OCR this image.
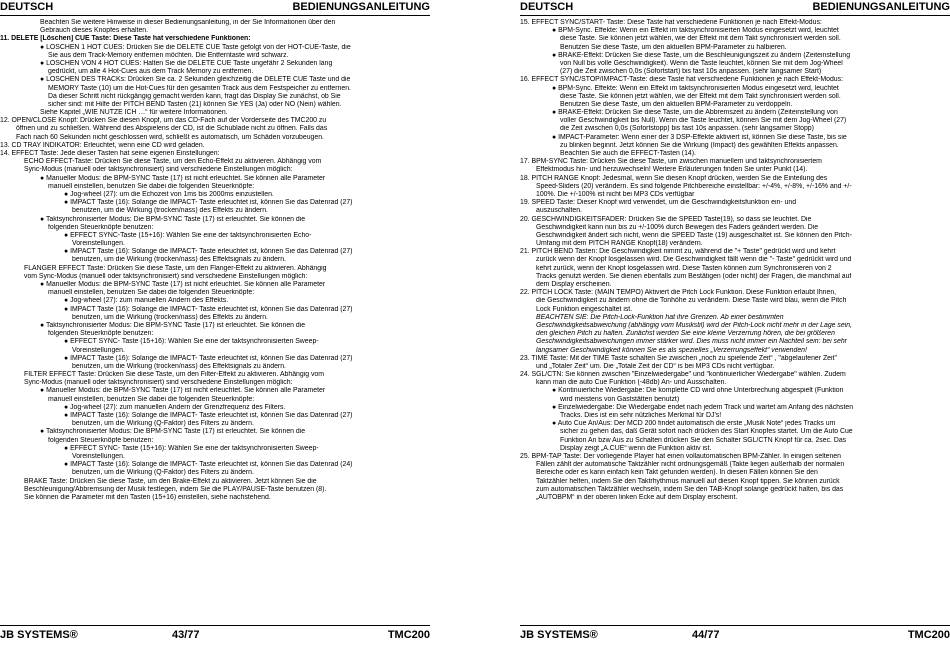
DEUTSCH	BEDIENUNGSANLEITUNG
Beachten Sie weitere Hinweise in dieser Bedienungsanleitung, in der Sie Informationen über den
Gebrauch dieses Knopfes erhalten.
11. DELETE [Löschen] CUE Taste: Diese Taste hat verschiedene Funktionen:
● LÖSCHEN 1 HOT CUES: Drücken Sie die DELETE CUE Taste gefolgt von der HOT-CUE-Taste, die
Sie aus dem Track-Memory entfernen möchten. Die Entferntaste wird schwarz.
● LÖSCHEN VON 4 HOT CUES: Halten Sie die DELETE CUE Taste ungefähr 2 Sekunden lang
gedrückt, um alle 4 Hot-Cues aus dem Track Memory zu entfernen.
● LÖSCHEN DES TRACKs: Drücken Sie ca. 2 Sekunden gleichzeitig die DELETE CUE Taste und die
MEMORY Taste (10) um die Hot-Cues für den gesamten Track aus dem Festspeicher zu entfernen.
Da dieser Schritt nicht rückgängig gemacht werden kann, fragt das Display Sie zunächst, ob Sie
sicher sind: mit Hilfe der PITCH BEND Tasten (21) können Sie YES (Ja) oder NO (Nein) wählen.
Siehe Kapitel „WIE NUTZE ICH …“ für weitere Informationen.
12. OPEN/CLOSE Knopf: Drücken Sie diesen Knopf, um das CD-Fach auf der Vorderseite des TMC200 zu
öffnen und zu schließen. Während des Abspielens der CD, ist die Schublade nicht zu öffnen. Falls das
Fach nach 60 Sekunden nicht geschlossen wird, schließt es automatisch, um Schäden vorzubeugen.
13. CD TRAY INDIKATOR: Erleuchtet, wenn eine CD wird geladen.
14. EFFECT Taste: Jede dieser Tasten hat seine eigenen Einstellungen:
ECHO EFFECT-Taste: Drücken Sie diese Taste, um den Echo-Effekt zu aktivieren. Abhängig vom
Sync-Modus (manuell oder taktsynchronisiert) sind verschiedene Einstellungen möglich:
● Manueller Modus: die BPM-SYNC Taste (17) ist nicht erleuchtet. Sie können alle Parameter
manuell einstellen, benutzen Sie dabei die folgenden Steuerknöpfe:
● Jog-wheel (27): um die Echozeit von 1ms bis 2000ms einzustellen.
● IMPACT Taste (16): Solange die IMPACT- Taste erleuchtet ist, können Sie das Datenrad (27)
benutzen, um die Wirkung (trocken/nass) des Effekts zu ändern.
● Taktsynchronisierter Modus: Die BPM-SYNC Taste (17) ist erleuchtet. Sie können die
folgenden Steuerknöpfe benutzen:
● EFFECT SYNC-Taste (15+16): Wählen Sie eine der taktsynchronisierten Echo-
Voreinstellungen.
● IMPACT Taste (16): Solange die IMPACT- Taste erleuchtet ist, können Sie das Datenrad (27)
benutzen, um die Wirkung (trocken/nass) des Effektsignals zu ändern.
FLANGER EFFECT Taste: Drücken Sie diese Taste, um den Flanger-Effekt zu aktivieren. Abhängig
vom Sync-Modus (manuell oder taktsynchronisiert) sind verschiedene Einstellungen möglich:
● Manueller Modus: die BPM-SYNC Taste (17) ist nicht erleuchtet. Sie können alle Parameter
manuell einstellen, benutzen Sie dabei die folgenden Steuerknöpfe:
● Jog-wheel (27): zum manuellen Ändern des Effekts.
● IMPACT Taste (16): Solange die IMPACT- Taste erleuchtet ist, können Sie das Datenrad (27)
benutzen, um die Wirkung (trocken/nass) des Effekts zu ändern.
● Taktsynchronisierter Modus: Die BPM-SYNC Taste (17) ist erleuchtet. Sie können die
folgenden Steuerknöpfe benutzen:
● EFFECT SYNC- Taste (15+16): Wählen Sie eine der taktsynchronisierten Sweep-
Voreinstellungen.
● IMPACT Taste (16): Solange die IMPACT- Taste erleuchtet ist, können Sie das Datenrad (27)
benutzen, um die Wirkung (trocken/nass) des Effektsignals zu ändern.
FILTER EFFECT Taste: Drücken Sie diese Taste, um den Filter-Effekt zu aktivieren. Abhängig vom
Sync-Modus (manuell oder taktsynchronisiert) sind verschiedene Einstellungen möglich:
● Manueller Modus: die BPM-SYNC Taste (17) ist nicht erleuchtet. Sie können alle Parameter
manuell einstellen, benutzen Sie dabei die folgenden Steuerknöpfe:
● Jog-wheel (27): zum manuellen Ändern der Grenzfrequenz des Filters.
● IMPACT Taste (16): Solange die IMPACT- Taste erleuchtet ist, können Sie das Datenrad (27)
benutzen, um die Wirkung (Q-Faktor) des Filters zu ändern.
● Taktsynchronisierter Modus: Die BPM-SYNC Taste (17) ist erleuchtet. Sie können die
folgenden Steuerknöpfe benutzen:
● EFFECT SYNC- Taste (15+16): Wählen Sie eine der taktsynchronisierten Sweep-
Voreinstellungen.
● IMPACT Taste (16): Solange die IMPACT- Taste erleuchtet ist, können Sie das Datenrad (24)
benutzen, um die Wirkung (Q-Faktor) des Filters zu ändern.
BRAKE Taste: Drücken Sie diese Taste, um den Brake-Effekt zu aktivieren. Jetzt können Sie die
Beschleunigung/Abbremsung der Musik festlegen, indem Sie die PLAY/PAUSE-Taste benutzen (8).
Sie können die Parameter mit den Tasten (15+16) einstellen, siehe nachstehend.
JB SYSTEMS®	43/77	TMC200
DEUTSCH	BEDIENUNGSANLEITUNG
15. EFFECT SYNC/START- Taste: Diese Taste hat verschiedene Funktionen je nach Effekt-Modus:
● BPM-Sync. Effekte: Wenn ein Effekt im taktsynchronisierten Modus eingesetzt wird, leuchtet
diese Taste. Sie können jetzt wählen, wie der Effekt mit dem Takt synchronisiert werden soll.
Benutzen Sie diese Taste, um den aktuellen BPM-Parameter zu halbieren.
● BRAKE-Effekt: Drücken Sie diese Taste, um die Beschleunigungszeit zu ändern (Zeiteinstellung
von Null bis volle Geschwindigkeit). Wenn die Taste leuchtet, können Sie mit dem Jog-Wheel
(27) die Zeit zwischen 0,0s (Sofortstart) bis fast 10s anpassen. (sehr langsamer Start)
16. EFFECT SYNC/STOP/IMPACT-Taste: diese Taste hat verschiedene Funktionen je nach Effekt-Modus:
● BPM-Sync. Effekte: Wenn ein Effekt im taktsynchronisierten Modus eingesetzt wird, leuchtet
diese Taste. Sie können jetzt wählen, wie der Effekt mit dem Takt synchronisiert werden soll.
Benutzen Sie diese Taste, um den aktuellen BPM-Parameter zu verdoppeln.
● BRAKE-Effekt: Drücken Sie diese Taste, um die Abbremszeit zu ändern (Zeiteinstellung von
voller Geschwindigkeit bis Null). Wenn die Taste leuchtet, können Sie mit dem Jog-Wheel (27)
die Zeit zwischen 0,0s (Sofortstopp) bis fast 10s anpassen. (sehr langsamer Stopp)
● IMPACT-Parameter: Wenn einer der 3 DSP-Effekte aktiviert ist, können Sie diese Taste, bis sie
zu blinken beginnt. Jetzt können Sie die Wirkung (Impact) des gewählten Effekts anpassen.
Beachten Sie auch die EFFECT-Tasten (14).
17. BPM-SYNC Taste: Drücken Sie diese Taste, um zwischen manuellem und taktsynchronisiertem
Effektmodus hin- und herzuwechseln! Weitere Erläuterungen finden Sie unter Punkt (14).
18. PITCH RANGE Knopf: Jedesmal, wenn Sie diesen Knopf drücken, werden Sie die Einteilung des
Speed-Sliders (20) verändern. Es sind folgende Pitchbereiche einstellbar: +/-4%, +/-8%, +/-16% and +/-
100%. Die +/-100% ist nicht bei MP3 CDs verfügbar
19. SPEED Taste: Dieser Knopf wird verwendet, um die Geschwindigkeitsfunktion ein- und
auszuschalten.
20. GESCHWINDIGKEITSFADER: Drücken Sie die SPEED Taste(19), so dass sie leuchtet. Die
Geschwindigkeit kann nun bis zu +/-100% durch Bewegen des Faders geändert werden. Die
Geschwindigkeit ändert sich nicht, wenn die SPEED Taste (19) ausgeschaltet ist. Sie können den Pitch-
Umfang mit dem PITCH RANGE Knopf(18) verändern.
21. PITCH BEND Tasten: Die Geschwindigkeit nimmt zu, während die "+ Taste" gedrückt wird und kehrt
zurück wenn der Knopf losgelassen wird. Die Geschwindigkeit fällt wenn die "- Taste" gedrückt wird und
kehrt zurück, wenn der Knopf losgelassen wird. Diese Tasten können zum Synchronisieren von 2
Tracks genutzt werden. Sie dienen ebenfalls zum Bestätigen (oder nicht) der Fragen, die manchmal auf
dem Display erscheinen.
22. PITCH LOCK Taste: (MAIN TEMPO) Aktiviert die Pitch Lock Funktion. Diese Funktion erlaubt Ihnen,
die Geschwindigkeit zu ändern ohne die Tonhöhe zu verändern. Diese Taste wird blau, wenn die Pitch
Lock Funktion eingeschaltet ist.
BEACHTEN SIE: Die Pitch-Lock-Funktion hat ihre Grenzen. Ab einer bestimmten
Geschwindigkeitsabweichung (abhängig vom Musikstil) wird der Pitch-Lock nicht mehr in der Lage sein,
den gleichen Pitch zu halten. Zunächst werden Sie eine kleine Verzerrung hören, die bei größeren
Geschwindigkeitsabweichungen immer stärker wird. Dies muss nicht immer ein Nachteil sein: bei sehr
langsamer Geschwindigkeit können Sie es als spezielles „Verzerrungseffekt“ verwenden!
23. TIME Taste: Mit der TIME Taste schalten Sie zwischen „noch zu spielende Zeit“ , "abgelaufener Zeit"
und „Totaler Zeit“ um. Die „Totale Zeit der CD“ is bei MP3 CDs nicht verfügbar.
24. SGL/CTN: Sie können zwischen "Einzelwiedergabe" und "kontinuierlicher Wiedergabe" wählen. Zudem
kann man die auto Cue Funktion (-48db) An- und Ausschalten.
● Kontinuierliche Wiedergabe: Die komplette CD wird ohne Unterbrechung abgespielt (Funktion
wird meistens von Gaststätten benutzt)
● Einzelwiedergabe: Die Wiedergabe endet nach jedem Track und wartet am Anfang des nächsten
Tracks. Dies ist ein sehr nützliches Merkmal für DJ's!
● Auto Cue An/Aus: Der MCD 200 findet automatisch die erste „Musik Note“ jedes Tracks um
sicher zu gehen das, daß Gerät sofort nach drücken des Start Knopfes startet. Um die Auto Cue
Funktion An bzw Aus zu Schalten drücken Sie den Schalter SGL/CTN Knopf für ca. 2sec. Das
Display zeigt „A.CUE“ wenn die Funktion aktiv ist.
25. BPM-TAP Taste: Der vorliegende Player hat einen vollautomatischen BPM-Zähler. In einigen seltenen
Fällen zählt der automatische Taktzähler nicht ordnungsgemäß (Takte liegen außerhalb der normalen
Bereiche oder es kann einfach kein Takt gefunden werden). In diesen Fällen können Sie den
Taktzähler helfen, indem Sie den Taktrhythmus manuell auf diesen Knopf tippen. Sie können zurück
zum automatischen Taktzähler wechseln, indem Sie den TAB-Knopf solange gedrückt halten, bis das
„AUTOBPM“ in der oberen linken Ecke auf dem Display erscheint.
JB SYSTEMS®	44/77	TMC200
